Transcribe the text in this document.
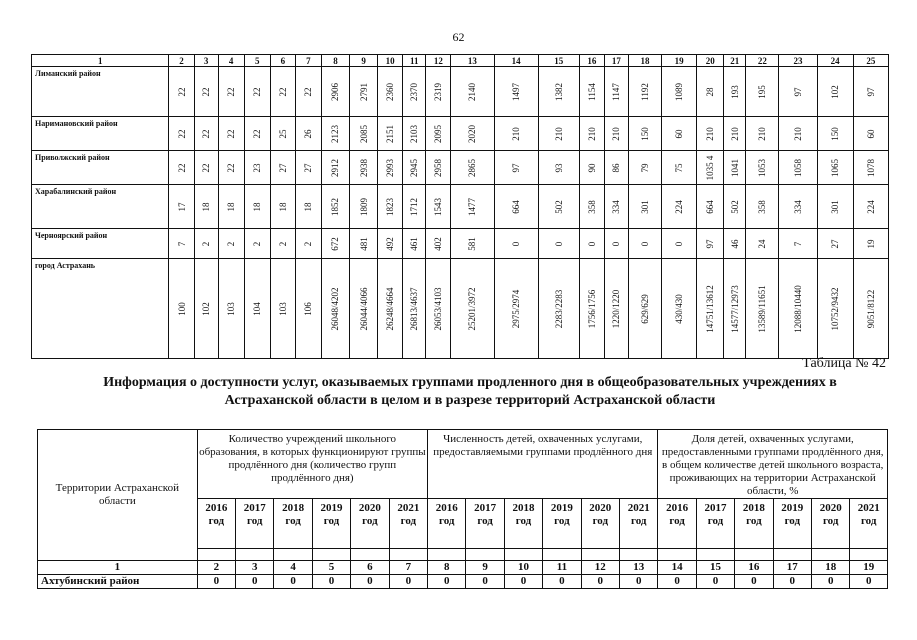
62
1	2	3	4	5	6	7	8	9	10	11	12	13	14	15	16	17	18	19	20	21	22	23	24	25
Лиманский район	22	22	22	22	22	22	2906	2791	2360	2370	2319	2140	1497	1382	1154	1147	1192	1089	28	193	195	97	102	97

Наримановский район	22	22	22	22	25	26	2123	2085	2151	2103	2095	2020	210	210	210	210	150	60	210	210	210	210	150	60

Приволжский район	22	22	22	23	27	27	2912	2938	2993	2945	2958	2865	97	93	90	86	79	75	1035 4	1041	1053	1058	1065	1078

Харабалинский район	17	18	18	18	18	18	1852	1809	1823	1712	1543	1477	664	502	358	334	301	224	664	502	358	334	301	224

Черноярский район	7	2	2	2	2	2	672	481	492	461	402	581	0	0	0	0	0	0	97	46	24	7	27	19

город Астрахань	100	102	103	104	103	106	26048/4202	26044/4066	26248/4664	26813/4637	26053/4103	25201/3972	2975/2974	2283/2283	1756/1756	1220/1220	629/629	430/430	14751/13612	14577/12973	13589/11651	12088/10440	10752/9432	9051/8122
Таблица № 42
Информация о доступности услуг, оказываемых группами продленного дня в общеобразовательных учреждениях в Астраханской области в целом и в разрезе территорий Астраханской области
Территории Астраханской области	Количество учреждений школьного образования, в которых функционируют группы продлённого дня (количество групп продлённого дня)						Численность детей, охваченных услугами, предоставляемыми группами продлённого дня						Доля детей, охваченных услугами, предоставленными группами продлённого дня, в общем количестве детей школьного возраста, проживающих на территории Астраханской области, %					
	2016 год	2017 год	2018 год	2019 год	2020 год	2021 год	2016 год	2017 год	2018 год	2019 год	2020 год	2021 год	2016 год	2017 год	2018 год	2019 год	2020 год	2021 год

1	2	3	4	5	6	7	8	9	10	11	12	13	14	15	16	17	18	19
Ахтубинский район	0	0	0	0	0	0	0	0	0	0	0	0	0	0	0	0	0	0
